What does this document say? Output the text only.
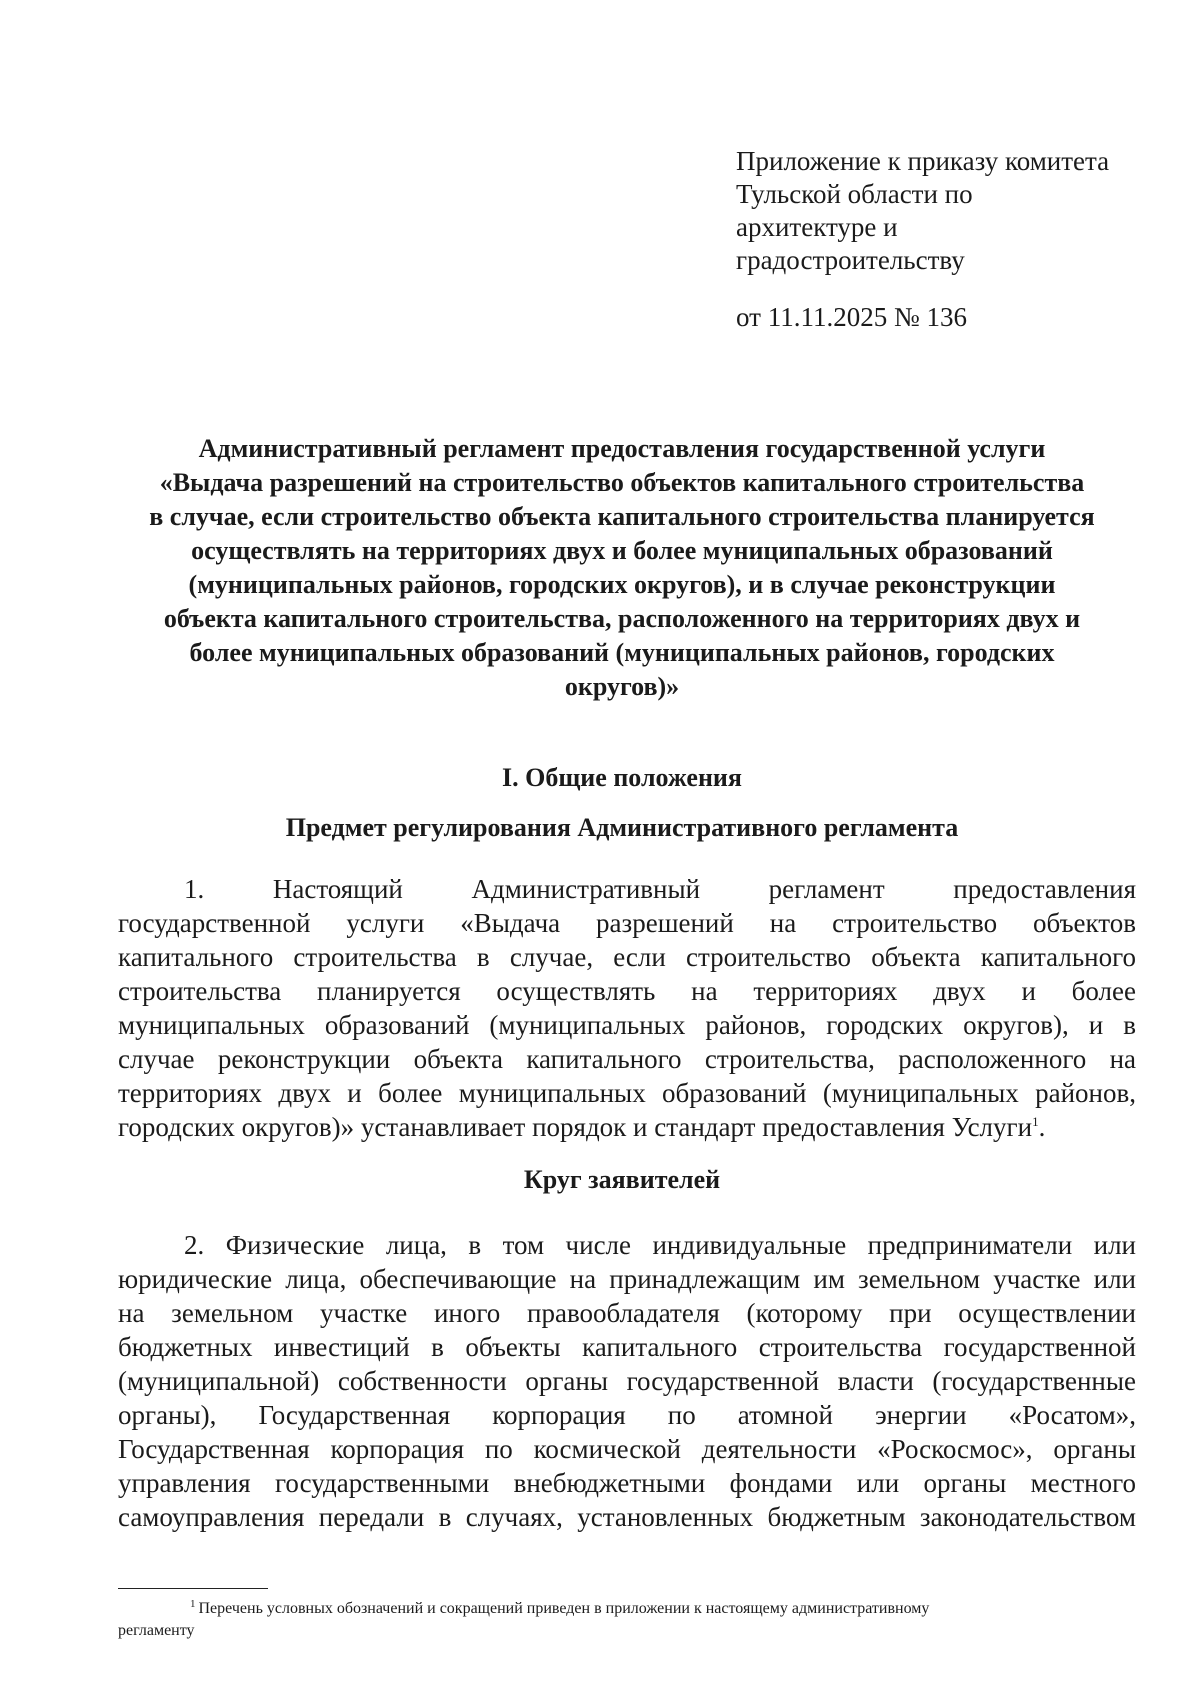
Приложение к приказу комитета
Тульской области по
архитектуре и
градостроительству
от 11.11.2025 № 136
Административный регламент предоставления государственной услуги
«Выдача разрешений на строительство объектов капитального строительства
в случае, если строительство объекта капитального строительства планируется
осуществлять на территориях двух и более муниципальных образований
(муниципальных районов, городских округов), и в случае реконструкции
объекта капитального строительства, расположенного на территориях двух и
более муниципальных образований (муниципальных районов, городских
округов)»
I. Общие положения
Предмет регулирования Административного регламента
1. Настоящий Административный регламент предоставления
государственной услуги «Выдача разрешений на строительство объектов
капитального строительства в случае, если строительство объекта капитального
строительства планируется осуществлять на территориях двух и более
муниципальных образований (муниципальных районов, городских округов), и в
случае реконструкции объекта капитального строительства, расположенного на
территориях двух и более муниципальных образований (муниципальных районов,
городских округов)» устанавливает порядок и стандарт предоставления Услуги$^1$.
Круг заявителей
2. Физические лица, в том числе индивидуальные предприниматели или
юридические лица, обеспечивающие на принадлежащим им земельном участке или
на земельном участке иного правообладателя (которому при осуществлении
бюджетных инвестиций в объекты капитального строительства государственной
(муниципальной) собственности органы государственной власти (государственные
органы), Государственная корпорация по атомной энергии «Росатом»,
Государственная корпорация по космической деятельности «Роскосмос», органы
управления государственными внебюджетными фондами или органы местного
самоуправления передали в случаях, установленных бюджетным законодательством
$^1$ Перечень условных обозначений и сокращений приведен в приложении к настоящему административному
регламенту
